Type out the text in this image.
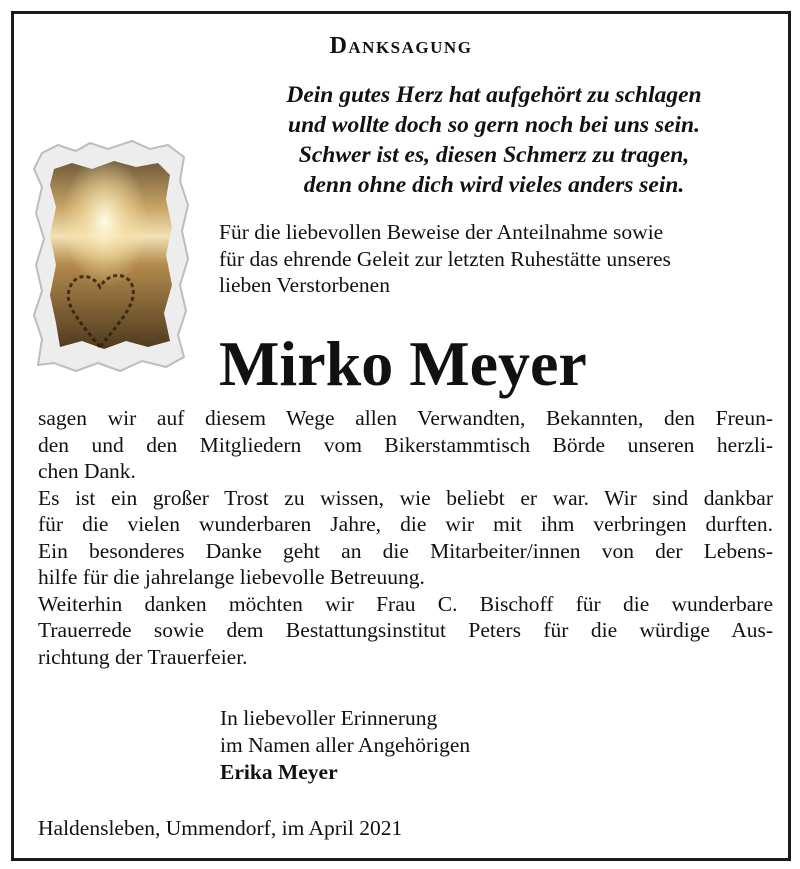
Danksagung
Dein gutes Herz hat aufgehört zu schlagen
und wollte doch so gern noch bei uns sein.
Schwer ist es, diesen Schmerz zu tragen,
denn ohne dich wird vieles anders sein.
Für die liebevollen Beweise der Anteilnahme sowie
für das ehrende Geleit zur letzten Ruhestätte unseres
lieben Verstorbenen
Mirko Meyer
sagen wir auf diesem Wege allen Verwandten, Bekannten, den Freun-
den und den Mitgliedern vom Bikerstammtisch Börde unseren herzli-
chen Dank.
Es ist ein großer Trost zu wissen, wie beliebt er war. Wir sind dankbar
für die vielen wunderbaren Jahre, die wir mit ihm verbringen durften.
Ein besonderes Danke geht an die Mitarbeiter/innen von der Lebens-
hilfe für die jahrelange liebevolle Betreuung.
Weiterhin danken möchten wir Frau C. Bischoff für die wunderbare
Trauerrede sowie dem Bestattungsinstitut Peters für die würdige Aus-
richtung der Trauerfeier.
In liebevoller Erinnerung
im Namen aller Angehörigen
Erika Meyer
Haldensleben, Ummendorf, im April 2021
